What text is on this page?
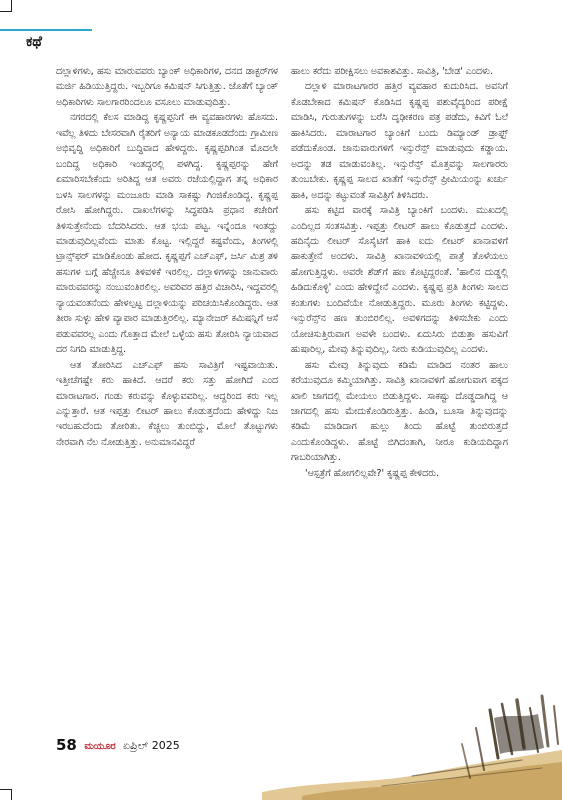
ಕಥೆ

ದಲ್ಲಾಳಿಗಳು, ಹಸು ಮಾರುವವರು ಬ್ಯಾಂಕ್ ಅಧಿಕಾರಿಗಳ, ದನದ ಡಾಕ್ಟರ್‌ಗಳ ಮರ್ಜಿ ಹಿಡಿಯುತ್ತಿದ್ದರು. ಇಬ್ಬರಿಗೂ ಕಮಿಷನ್ ಸಿಗುತ್ತಿತ್ತು. ಜೊತೆಗೆ ಬ್ಯಾಂಕ್ ಅಧಿಕಾರಿಗಳು ಸಾಲಗಾರರಿಂದಲೂ ವಸೂಲು ಮಾಡುವುದಿತ್ತು.

ನಗರದಲ್ಲಿ ಕೆಲಸ ಮಾಡಿದ್ದ ಕೃಷ್ಣಪ್ಪನಿಗೆ ಈ ವ್ಯವಹಾರಗಳು ಹೊಸದು. ಇವೆಲ್ಲ ತಿಳಿದು ಬೇಸರವಾಗಿ ರೈತರಿಗೆ ಅನ್ಯಾಯ ಮಾಡಕೂಡದೆಂದು ಗ್ರಾಮೀಣ ಅಭಿವೃದ್ಧಿ ಅಧಿಕಾರಿಗೆ ಬುದ್ಧಿವಾದ ಹೇಳಿದ್ದರು. ಕೃಷ್ಣಪ್ಪರಿಗಿಂತ ಮೊದಲೇ ಬಂದಿದ್ದ ಅಧಿಕಾರಿ ಇಂತದ್ದರಲ್ಲಿ ಪಳಗಿದ್ದ. ಕೃಷ್ಣಪ್ಪರನ್ನು ಹೇಗೆ ಏಮಾರಿಸಬೇಕೆಂದು ಅರಿತಿದ್ದ ಆತ ಅವರು ರಜೆಯಲ್ಲಿದ್ದಾಗ ತನ್ನ ಅಧಿಕಾರ ಬಳಸಿ ಸಾಲಗಳನ್ನು ಮಂಜೂರು ಮಾಡಿ ಸಾಕಷ್ಟು ಗಿಂಜಿಕೊಂಡಿದ್ದ. ಕೃಷ್ಣಪ್ಪ ರೋಸಿ ಹೋಗಿದ್ದರು. ದಾಖಲೆಗಳನ್ನು ಸಿದ್ಧಪಡಿಸಿ ಪ್ರಧಾನ ಕಚೇರಿಗೆ ತಿಳಿಸುತ್ತೇನೆಂದು ಬೆದರಿಸಿದರು. ಆತ ಭಯ ಪಟ್ಟ. ಇನ್ನೆಂದೂ ಇಂತದ್ದು ಮಾಡುವುದಿಲ್ಲವೆಂದು ಮಾತು ಕೊಟ್ಟ. ಇಲ್ಲಿದ್ದರೆ ಕಷ್ಟವೆಂದು, ತಿಂಗಳಲ್ಲಿ ಟ್ರಾನ್ಸ್‌ಫರ್ ಮಾಡಿಕೊಂಡು ಹೋದ. ಕೃಷ್ಣಪ್ಪಗೆ ಎಚ್‌ಎಫ್, ಜರ್ಸಿ ಮಿಶ್ರ ತಳಿ ಹಸುಗಳ ಬಗ್ಗೆ ಹೆಚ್ಚೇನೂ ತಿಳಿವಳಿಕೆ ಇರಲಿಲ್ಲ. ದಲ್ಲಾಳಿಗಳನ್ನು ಜಾನುವಾರು ಮಾರುವವರನ್ನು ನಂಬುವಂತಿರಲಿಲ್ಲ. ಅವರಿವರ ಹತ್ತಿರ ವಿಚಾರಿಸಿ, ಇದ್ದವರಲ್ಲಿ ನ್ಯಾಯವಂತನೆಂದು ಹೇಳಲ್ಪಟ್ಟ ದಲ್ಲಾಳಿಯನ್ನು ಪರಿಚಯಿಸಿಕೊಂಡಿದ್ದರು. ಆತ ತೀರಾ ಸುಳ್ಳು ಹೇಳಿ ವ್ಯಾಪಾರ ಮಾಡುತ್ತಿರಲಿಲ್ಲ. ಮ್ಯಾನೇಜರ್ ಕಮಿಷನ್ನಿಗೆ ಆಸೆ ಪಡುವವರಲ್ಲ ಎಂದು ಗೊತ್ತಾದ ಮೇಲೆ ಒಳ್ಳೆಯ ಹಸು ತೋರಿಸಿ ನ್ಯಾಯವಾದ ದರ ನಿಗದಿ ಮಾಡುತ್ತಿದ್ದ.

ಆತ ತೋರಿಸಿದ ಎಚ್‌ಎಫ್ ಹಸು ಸಾವಿತ್ರಿಗೆ ಇಷ್ಟವಾಯಿತು. ಇತ್ತೀಚೆಗಷ್ಟೇ ಕರು ಹಾಕಿದೆ. ಆದರೆ ಕರು ಸತ್ತು ಹೋಗಿದೆ ಎಂದ ಮಾರಾಟಗಾರ. ಗಂಡು ಕರುವನ್ನು ಕೊಳ್ಳುವವರಿಲ್ಲ. ಆದ್ದರಿಂದ ಕರು ಇಲ್ಲ ಎನ್ನುತ್ತಾರೆ. ಆತ ಇಪ್ಪತ್ತು ಲೀಟರ್ ಹಾಲು ಕೊಡುತ್ತದೆಂದು ಹೇಳಿದ್ದು ನಿಜ ಇರಬಹುದೆಂದು ತೋರಿತು. ಕೆಚ್ಚಲು ತುಂಬಿದ್ದು, ಮೊಲೆ ತೊಟ್ಟುಗಳು ನೇರವಾಗಿ ನೆಲ ನೋಡುತ್ತಿತ್ತು. ಅನುಮಾನವಿದ್ದರೆ

ಹಾಲು ಕರೆದು ಪರೀಕ್ಷಿಸಲು ಅವಕಾಶವಿತ್ತು. ಸಾವಿತ್ರಿ, 'ಬೇಡ' ಎಂದಳು.

ದಲ್ಲಾಳಿ ಮಾರಾಟಗಾರರ ಹತ್ತಿರ ವ್ಯವಹಾರ ಕುದುರಿಸಿದ. ಅವನಿಗೆ ಕೊಡಬೇಕಾದ ಕಮಿಷನ್ ಕೊಡಿಸಿದ ಕೃಷ್ಣಪ್ಪ ಪಶುವೈದ್ಯರಿಂದ ಪರೀಕ್ಷೆ ಮಾಡಿಸಿ, ಗುರುತುಗಳನ್ನು ಬರೆಸಿ ದೃಢೀಕರಣ ಪತ್ರ ಪಡೆದು, ಕಿವಿಗೆ ಓಲೆ ಹಾಕಿಸಿದರು. ಮಾರಾಟಗಾರ ಬ್ಯಾಂಕಿಗೆ ಬಂದು ಡಿಮ್ಯಾಂಡ್ ಡ್ರಾಫ್ಟ್ ಪಡೆದುಕೊಂಡ. ಜಾನುವಾರುಗಳಿಗೆ ಇನ್ಸುರೆನ್ಸ್ ಮಾಡುವುದು ಕಡ್ಡಾಯ. ಅದನ್ನು ತಡ ಮಾಡುವಂತಿಲ್ಲ. ಇನ್ಸುರೆನ್ಸ್ ಮೊತ್ತವನ್ನು ಸಾಲಗಾರರು ತುಂಬಬೇಕು. ಕೃಷ್ಣಪ್ಪ ಸಾಲದ ಖಾತೆಗೆ ಇನ್ಸುರೆನ್ಸ್ ಪ್ರೀಮಿಯಂನ್ನು ಖರ್ಚು ಹಾಕಿ, ಅದನ್ನು ಕಟ್ಟುವಂತೆ ಸಾವಿತ್ರಿಗೆ ತಿಳಿಸಿದರು.

ಹಸು ಕಟ್ಟಿದ ವಾರಕ್ಕೆ ಸಾವಿತ್ರಿ ಬ್ಯಾಂಕಿಗೆ ಬಂದಳು. ಮುಖದಲ್ಲಿ ಎಂದಿಲ್ಲದ ಸಂತಸವಿತ್ತು. ಇಪ್ಪತ್ತು ಲೀಟರ್ ಹಾಲು ಕೊಡುತ್ತದೆ ಎಂದಳು. ಹದಿನೈದು ಲೀಟರ್ ಸೊಸೈಟಿಗೆ ಹಾಕಿ ಐದು ಲೀಟರ್ ಖಾನಾವಳಿಗೆ ಹಾಕುತ್ತೇನೆ ಅಂದಳು. ಸಾವಿತ್ರಿ ಖಾನಾವಳಿಯಲ್ಲಿ ಪಾತ್ರೆ ತೊಳೆಯಲು ಹೋಗುತ್ತಿದ್ದಳು. ಅವರೇ ಶೆಡ್‌ಗೆ ಹಣ ಕೊಟ್ಟಿದ್ದರಂತೆ. 'ಹಾಲಿನ ದುಡ್ಡಲ್ಲಿ ಹಿಡಿದುಕೊಳ್ಳಿ' ಎಂದು ಹೇಳಿದ್ದೇನೆ ಎಂದಳು. ಕೃಷ್ಣಪ್ಪ ಪ್ರತಿ ತಿಂಗಳು ಸಾಲದ ಕಂತುಗಳು ಬಂದಿವೆಯೇ ನೋಡುತ್ತಿದ್ದರು. ಮೂರು ತಿಂಗಳು ಕಟ್ಟಿದ್ದಳು. ಇನ್ಸುರೆನ್ಸ್‌ನ ಹಣ ತುಂಬಿರಲಿಲ್ಲ. ಅವಳಿಗದನ್ನು ತಿಳಿಸಬೇಕು ಎಂದು ಯೋಚಿಸುತ್ತಿರುವಾಗ ಅವಳೇ ಬಂದಳು. ಏದುಸಿರು ಬಿಡುತ್ತಾ ಹಸುವಿಗೆ ಹುಷಾರಿಲ್ಲ, ಮೇವು ತಿನ್ನುವುದಿಲ್ಲ, ನೀರು ಕುಡಿಯುವುದಿಲ್ಲ ಎಂದಳು.

ಹಸು ಮೇವು ತಿನ್ನುವುದು ಕಡಿಮೆ ಮಾಡಿದ ನಂತರ ಹಾಲು ಕರೆಯುವುದೂ ಕಮ್ಮಿಯಾಗಿತ್ತು. ಸಾವಿತ್ರಿ ಖಾನಾವಳಿಗೆ ಹೋಗುವಾಗ ಪಕ್ಕದ ಖಾಲಿ ಜಾಗದಲ್ಲಿ ಮೇಯಲು ಬಿಡುತ್ತಿದ್ದಳು. ಸಾಕಷ್ಟು ದೊಡ್ಡದಾಗಿದ್ದ ಆ ಜಾಗದಲ್ಲಿ ಹಸು ಮೇದುಕೊಂಡಿರುತ್ತಿತ್ತು. ಹಿಂಡಿ, ಬೂಸಾ ತಿನ್ನುವುದನ್ನು ಕಡಿಮೆ ಮಾಡಿದಾಗ ಹುಲ್ಲು ತಿಂದು ಹೊಟ್ಟೆ ತುಂಬಿರುತ್ತದೆ ಎಂದುಕೊಂಡಿದ್ದಳು. ಹೊಟ್ಟೆ ಬಿಗಿದಂತಾಗಿ, ನೀರೂ ಕುಡಿಯದಿದ್ದಾಗ ಗಾಬರಿಯಾಗಿತ್ತು.

'ಆಸ್ಪತ್ರೆಗೆ ಹೋಗಲಿಲ್ಲವೇ?' ಕೃಷ್ಣಪ್ಪ ಕೇಳಿದರು.

58 ಮಯೂರ ಏಪ್ರಿಲ್ 2025
